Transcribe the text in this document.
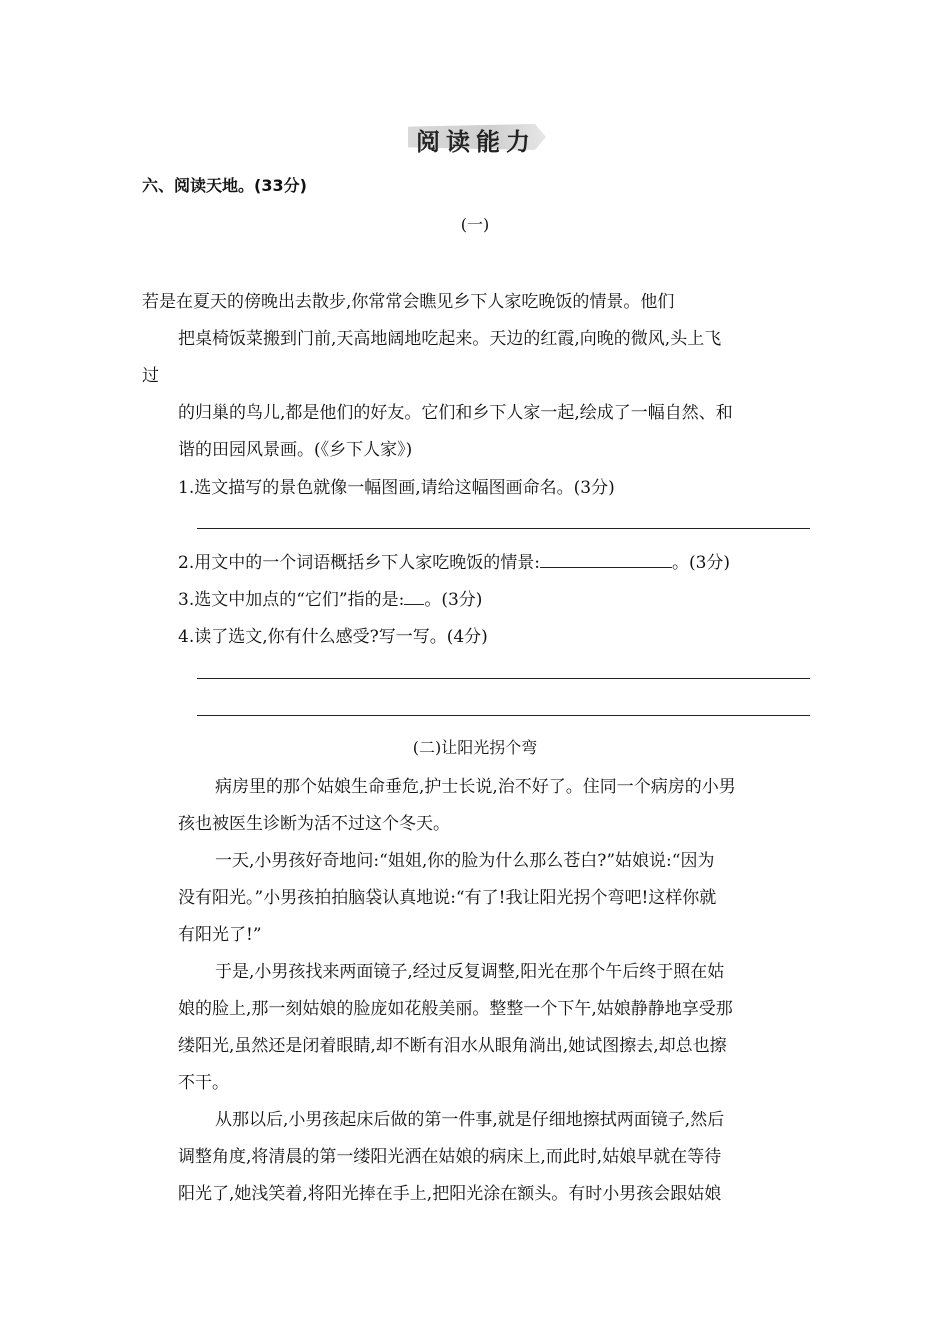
阅读能力
六、阅读天地。(33分)
(一)
若是在夏天的傍晚出去散步,你常常会瞧见乡下人家吃晚饭的情景。他们
把桌椅饭菜搬到门前,天高地阔地吃起来。天边的红霞,向晚的微风,头上飞
过
的归巢的鸟儿,都是他们的好友。它们和乡下人家一起,绘成了一幅自然、和
谐的田园风景画。(《乡下人家》)
1.选文描写的景色就像一幅图画,请给这幅图画命名。(3分)
2.用文中的一个词语概括乡下人家吃晚饭的情景:	。(3分)
3.选文中加点的“它们”指的是: 。(3分)
4.读了选文,你有什么感受?写一写。(4分)
(二)让阳光拐个弯
病房里的那个姑娘生命垂危,护士长说,治不好了。住同一个病房的小男
孩也被医生诊断为活不过这个冬天。
一天,小男孩好奇地问:“姐姐,你的脸为什么那么苍白?”姑娘说:“因为
没有阳光。”小男孩拍拍脑袋认真地说:“有了!我让阳光拐个弯吧!这样你就
有阳光了!”
于是,小男孩找来两面镜子,经过反复调整,阳光在那个午后终于照在姑
娘的脸上,那一刻姑娘的脸庞如花般美丽。整整一个下午,姑娘静静地享受那
缕阳光,虽然还是闭着眼睛,却不断有泪水从眼角淌出,她试图擦去,却总也擦
不干。
从那以后,小男孩起床后做的第一件事,就是仔细地擦拭两面镜子,然后
调整角度,将清晨的第一缕阳光洒在姑娘的病床上,而此时,姑娘早就在等待
阳光了,她浅笑着,将阳光捧在手上,把阳光涂在额头。有时小男孩会跟姑娘
